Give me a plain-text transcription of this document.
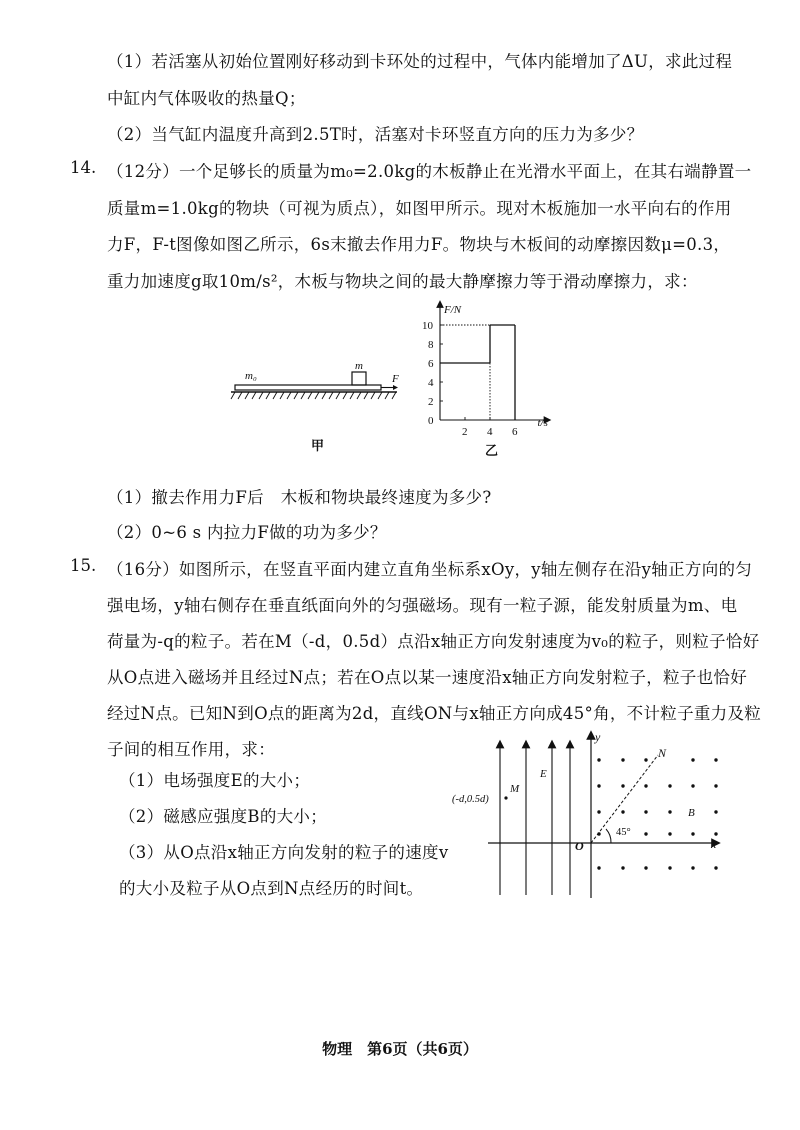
（1）若活塞从初始位置刚好移动到卡环处的过程中，气体内能增加了ΔU，求此过程
中缸内气体吸收的热量Q；
（2）当气缸内温度升高到2.5T时，活塞对卡环竖直方向的压力为多少？
14. （12分）一个足够长的质量为m₀=2.0kg的木板静止在光滑水平面上，在其右端静置一
质量m=1.0kg的物块（可视为质点），如图甲所示。现对木板施加一水平向右的作用
力F，F-t图像如图乙所示，6s末撤去作用力F。物块与木板间的动摩擦因数μ=0.3，
重力加速度g取10m/s²，木板与物块之间的最大静摩擦力等于滑动摩擦力，求：
m₀
m
F
甲
F/N
t/s
0
2
4
6
8
10
2 4 6
乙
（1）撤去作用力F后　木板和物块最终速度为多少?
（2）0~6 s 内拉力F做的功为多少？
15. （16分）如图所示，在竖直平面内建立直角坐标系xOy，y轴左侧存在沿y轴正方向的匀
强电场，y轴右侧存在垂直纸面向外的匀强磁场。现有一粒子源，能发射质量为m、电
荷量为-q的粒子。若在M（-d，0.5d）点沿x轴正方向发射速度为v₀的粒子，则粒子恰好
从O点进入磁场并且经过N点；若在O点以某一速度沿x轴正方向发射粒子，粒子也恰好
经过N点。已知N到O点的距离为2d，直线ON与x轴正方向成45°角，不计粒子重力及粒
子间的相互作用，求：
（1）电场强度E的大小；
（2）磁感应强度B的大小；
（3）从O点沿x轴正方向发射的粒子的速度v
的大小及粒子从O点到N点经历的时间t。
y
x
O
E
(-d,0.5d)
M
N
45°
B
物理　第6页（共6页）
